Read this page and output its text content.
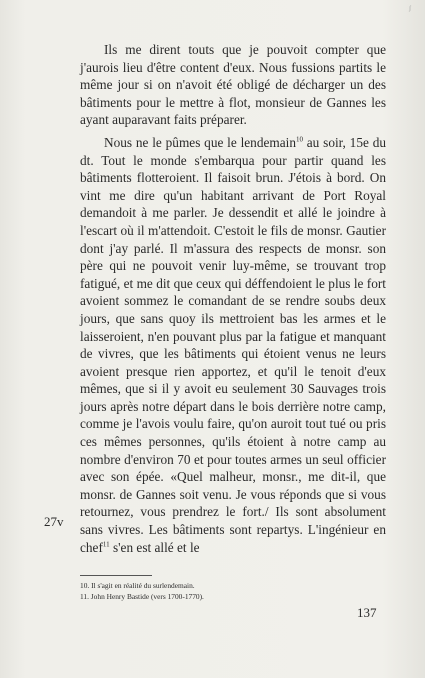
ʃ

Ils me dirent touts que je pouvoit compter que j'aurois lieu d'être content d'eux. Nous fussions partits le même jour si on n'avoit été obligé de décharger un des bâtiments pour le mettre à flot, monsieur de Gannes les ayant auparavant faits préparer.

Nous ne le pûmes que le lendemain$^{10}$ au soir, 15e du dt. Tout le monde s'embarqua pour partir quand les bâtiments flotteroient. Il faisoit brun. J'étois à bord. On vint me dire qu'un habitant arrivant de Port Royal demandoit à me parler. Je dessendit et allé le joindre à l'escart où il m'attendoit. C'estoit le fils de monsr. Gautier dont j'ay parlé. Il m'assura des respects de monsr. son père qui ne pouvoit venir luy-même, se trouvant trop fatigué, et me dit que ceux qui déffendoient le plus le fort avoient sommez le comandant de se rendre soubs deux jours, que sans quoy ils mettroient bas les armes et le laisseroient, n'en pouvant plus par la fatigue et manquant de vivres, que les bâtiments qui étoient venus ne leurs avoient presque rien apportez, et qu'il le tenoit d'eux mêmes, que si il y avoit eu seulement 30 Sauvages trois jours après notre départ dans le bois derrière notre camp, comme je l'avois voulu faire, qu'on auroit tout tué ou pris ces mêmes personnes, qu'ils étoient à notre camp au nombre d'environ 70 et pour toutes armes un seul officier avec son épée. «Quel malheur, monsr., me dit-il, que monsr. de Gannes soit venu. Je vous réponds que si vous retournez, vous prendrez le fort./ Ils sont absolument sans vivres. Les bâtiments sont repartys. L'ingénieur en chef$^{11}$ s'en est allé et le

27v

10. Il s'agit en réalité du surlendemain.

11. John Henry Bastide (vers 1700-1770).

137
